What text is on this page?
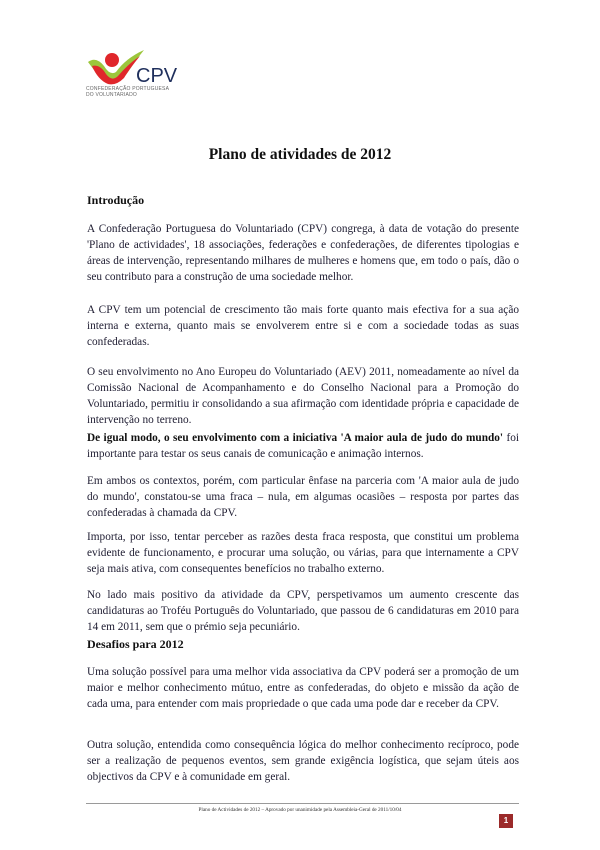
CPV
CONFEDERAÇÃO PORTUGUESA
DO VOLUNTARIADO
Plano de atividades de 2012
Introdução
A Confederação Portuguesa do Voluntariado (CPV) congrega, à data de votação do presente 'Plano de actividades', 18 associações, federações e confederações, de diferentes tipologias e áreas de intervenção, representando milhares de mulheres e homens que, em todo o país, dão o seu contributo para a construção de uma sociedade melhor.
A CPV tem um potencial de crescimento tão mais forte quanto mais efectiva for a sua ação interna e externa, quanto mais se envolverem entre si e com a sociedade todas as suas confederadas.
O seu envolvimento no Ano Europeu do Voluntariado (AEV) 2011, nomeadamente ao nível da Comissão Nacional de Acompanhamento e do Conselho Nacional para a Promoção do Voluntariado, permitiu ir consolidando a sua afirmação com identidade própria e capacidade de intervenção no terreno.
De igual modo, o seu envolvimento com a iniciativa 'A maior aula de judo do mundo' foi importante para testar os seus canais de comunicação e animação internos.
Em ambos os contextos, porém, com particular ênfase na parceria com 'A maior aula de judo do mundo', constatou-se uma fraca – nula, em algumas ocasiões – resposta por partes das confederadas à chamada da CPV.
Importa, por isso, tentar perceber as razões desta fraca resposta, que constitui um problema evidente de funcionamento, e procurar uma solução, ou várias, para que internamente a CPV seja mais ativa, com consequentes benefícios no trabalho externo.
No lado mais positivo da atividade da CPV, perspetivamos um aumento crescente das candidaturas ao Troféu Português do Voluntariado, que passou de 6 candidaturas em 2010 para 14 em 2011, sem que o prémio seja pecuniário.
Desafios para 2012
Uma solução possível para uma melhor vida associativa da CPV poderá ser a promoção de um maior e melhor conhecimento mútuo, entre as confederadas, do objeto e missão da ação de cada uma, para entender com mais propriedade o que cada uma pode dar e receber da CPV.
Outra solução, entendida como consequência lógica do melhor conhecimento recíproco, pode ser a realização de pequenos eventos, sem grande exigência logística, que sejam úteis aos objectivos da CPV e à comunidade em geral.
Plano de Actividades de 2012 – Aprovado por unanimidade pela Assembleia-Geral de 2011/10/04
1
